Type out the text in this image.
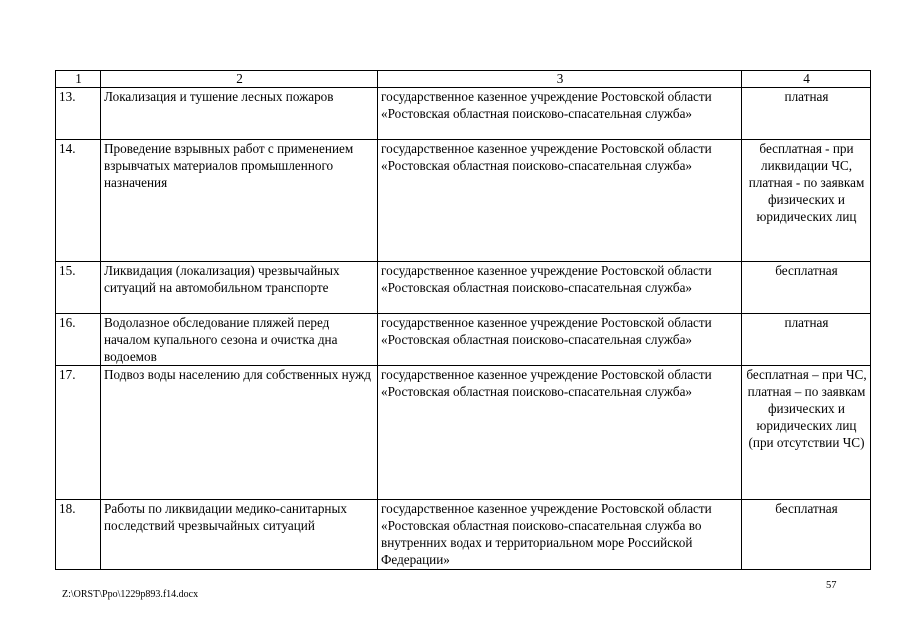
1	2	3	4
13.	Локализация и тушение лесных пожаров	государственное казенное учреждение Ростовской области «Ростовская областная поисково-спасательная служба»	платная
14.	Проведение взрывных работ с применением взрывчатых материалов промышленного назначения	государственное казенное учреждение Ростовской области «Ростовская областная поисково-спасательная служба»	бесплатная - при ликвидации ЧС, платная - по заявкам физических и юридических лиц
15.	Ликвидация (локализация) чрезвычайных ситуаций на автомобильном транспорте	государственное казенное учреждение Ростовской области «Ростовская областная поисково-спасательная служба»	бесплатная
16.	Водолазное обследование пляжей перед началом купального сезона и очистка дна водоемов	государственное казенное учреждение Ростовской области «Ростовская областная поисково-спасательная служба»	платная
17.	Подвоз воды населению для собственных нужд	государственное казенное учреждение Ростовской области «Ростовская областная поисково-спасательная служба»	бесплатная – при ЧС,
платная – по заявкам физических и юридических лиц (при отсутствии ЧС)
18.	Работы по ликвидации медико-санитарных последствий чрезвычайных ситуаций	государственное казенное учреждение Ростовской области «Ростовская областная поисково-спасательная служба во внутренних водах и территориальном море Российской Федерации»	бесплатная
57
Z:\ORST\Ppo\1229p893.f14.docx
